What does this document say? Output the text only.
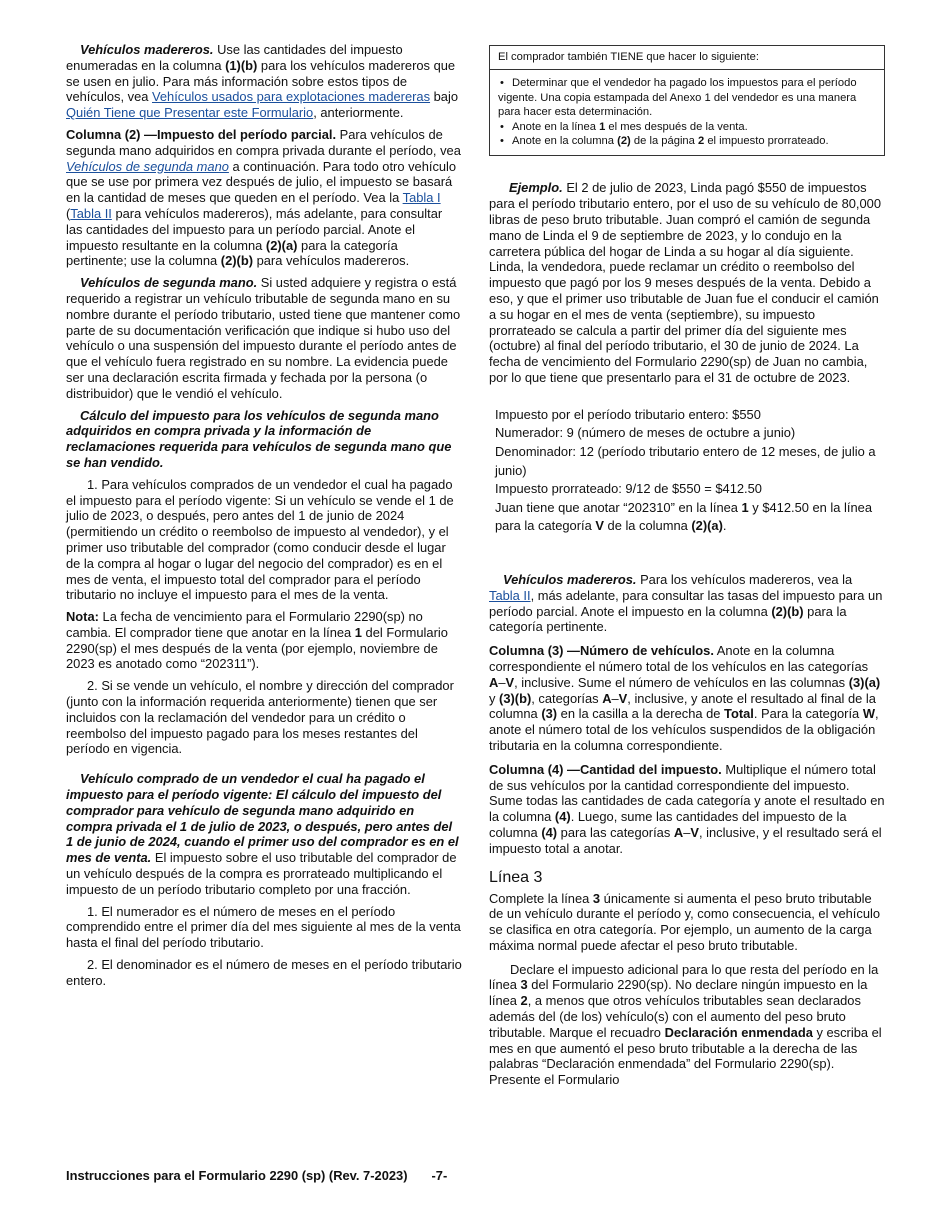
Vehículos madereros. Use las cantidades del impuesto enumeradas en la columna (1)(b) para los vehículos madereros que se usen en julio. Para más información sobre estos tipos de vehículos, vea Vehículos usados para explotaciones madereras bajo Quién Tiene que Presentar este Formulario, anteriormente.

Columna (2) —Impuesto del período parcial. Para vehículos de segunda mano adquiridos en compra privada durante el período, vea Vehículos de segunda mano a continuación. Para todo otro vehículo que se use por primera vez después de julio, el impuesto se basará en la cantidad de meses que queden en el período. Vea la Tabla I (Tabla II para vehículos madereros), más adelante, para consultar las cantidades del impuesto para un período parcial. Anote el impuesto resultante en la columna (2)(a) para la categoría pertinente; use la columna (2)(b) para vehículos madereros.

Vehículos de segunda mano. Si usted adquiere y registra o está requerido a registrar un vehículo tributable de segunda mano en su nombre durante el período tributario, usted tiene que mantener como parte de su documentación verificación que indique si hubo uso del vehículo o una suspensión del impuesto durante el período antes de que el vehículo fuera registrado en su nombre. La evidencia puede ser una declaración escrita firmada y fechada por la persona (o distribuidor) que le vendió el vehículo.

Cálculo del impuesto para los vehículos de segunda mano adquiridos en compra privada y la información de reclamaciones requerida para vehículos de segunda mano que se han vendido.

1. Para vehículos comprados de un vendedor el cual ha pagado el impuesto para el período vigente: Si un vehículo se vende el 1 de julio de 2023, o después, pero antes del 1 de junio de 2024 (permitiendo un crédito o reembolso de impuesto al vendedor), y el primer uso tributable del comprador (como conducir desde el lugar de la compra al hogar o lugar del negocio del comprador) es en el mes de venta, el impuesto total del comprador para el período tributario no incluye el impuesto para el mes de la venta.

Nota: La fecha de vencimiento para el Formulario 2290(sp) no cambia. El comprador tiene que anotar en la línea 1 del Formulario 2290(sp) el mes después de la venta (por ejemplo, noviembre de 2023 es anotado como “202311”).

2. Si se vende un vehículo, el nombre y dirección del comprador (junto con la información requerida anteriormente) tienen que ser incluidos con la reclamación del vendedor para un crédito o reembolso del impuesto pagado para los meses restantes del período en vigencia.

Vehículo comprado de un vendedor el cual ha pagado el impuesto para el período vigente: El cálculo del impuesto del comprador para vehículo de segunda mano adquirido en compra privada el 1 de julio de 2023, o después, pero antes del 1 de junio de 2024, cuando el primer uso del comprador es en el mes de venta. El impuesto sobre el uso tributable del comprador de un vehículo después de la compra es prorrateado multiplicando el impuesto de un período tributario completo por una fracción.

1. El numerador es el número de meses en el período comprendido entre el primer día del mes siguiente al mes de la venta hasta el final del período tributario.

2. El denominador es el número de meses en el período tributario entero.

El comprador también TIENE que hacer lo siguiente:
• Determinar que el vendedor ha pagado los impuestos para el período vigente. Una copia estampada del Anexo 1 del vendedor es una manera para hacer esta determinación.
• Anote en la línea 1 el mes después de la venta.
• Anote en la columna (2) de la página 2 el impuesto prorrateado.

Ejemplo. El 2 de julio de 2023, Linda pagó $550 de impuestos para el período tributario entero, por el uso de su vehículo de 80,000 libras de peso bruto tributable. Juan compró el camión de segunda mano de Linda el 9 de septiembre de 2023, y lo condujo en la carretera pública del hogar de Linda a su hogar al día siguiente. Linda, la vendedora, puede reclamar un crédito o reembolso del impuesto que pagó por los 9 meses después de la venta. Debido a eso, y que el primer uso tributable de Juan fue el conducir el camión a su hogar en el mes de venta (septiembre), su impuesto prorrateado se calcula a partir del primer día del siguiente mes (octubre) al final del período tributario, el 30 de junio de 2024. La fecha de vencimiento del Formulario 2290(sp) de Juan no cambia, por lo que tiene que presentarlo para el 31 de octubre de 2023.

Impuesto por el período tributario entero: $550
Numerador: 9 (número de meses de octubre a junio)
Denominador: 12 (período tributario entero de 12 meses, de julio a junio)
Impuesto prorrateado: 9/12 de $550 = $412.50
Juan tiene que anotar “202310” en la línea 1 y $412.50 en la línea para la categoría V de la columna (2)(a).

Vehículos madereros. Para los vehículos madereros, vea la Tabla II, más adelante, para consultar las tasas del impuesto para un período parcial. Anote el impuesto en la columna (2)(b) para la categoría pertinente.

Columna (3) —Número de vehículos. Anote en la columna correspondiente el número total de los vehículos en las categorías A–V, inclusive. Sume el número de vehículos en las columnas (3)(a) y (3)(b), categorías A–V, inclusive, y anote el resultado al final de la columna (3) en la casilla a la derecha de Total. Para la categoría W, anote el número total de los vehículos suspendidos de la obligación tributaria en la columna correspondiente.

Columna (4) —Cantidad del impuesto. Multiplique el número total de sus vehículos por la cantidad correspondiente del impuesto. Sume todas las cantidades de cada categoría y anote el resultado en la columna (4). Luego, sume las cantidades del impuesto de la columna (4) para las categorías A–V, inclusive, y el resultado será el impuesto total a anotar.

Línea 3

Complete la línea 3 únicamente si aumenta el peso bruto tributable de un vehículo durante el período y, como consecuencia, el vehículo se clasifica en otra categoría. Por ejemplo, un aumento de la carga máxima normal puede afectar el peso bruto tributable.

Declare el impuesto adicional para lo que resta del período en la línea 3 del Formulario 2290(sp). No declare ningún impuesto en la línea 2, a menos que otros vehículos tributables sean declarados además del (de los) vehículo(s) con el aumento del peso bruto tributable. Marque el recuadro Declaración enmendada y escriba el mes en que aumentó el peso bruto tributable a la derecha de las palabras “Declaración enmendada” del Formulario 2290(sp). Presente el Formulario

Instrucciones para el Formulario 2290 (sp) (Rev. 7-2023) -7-
